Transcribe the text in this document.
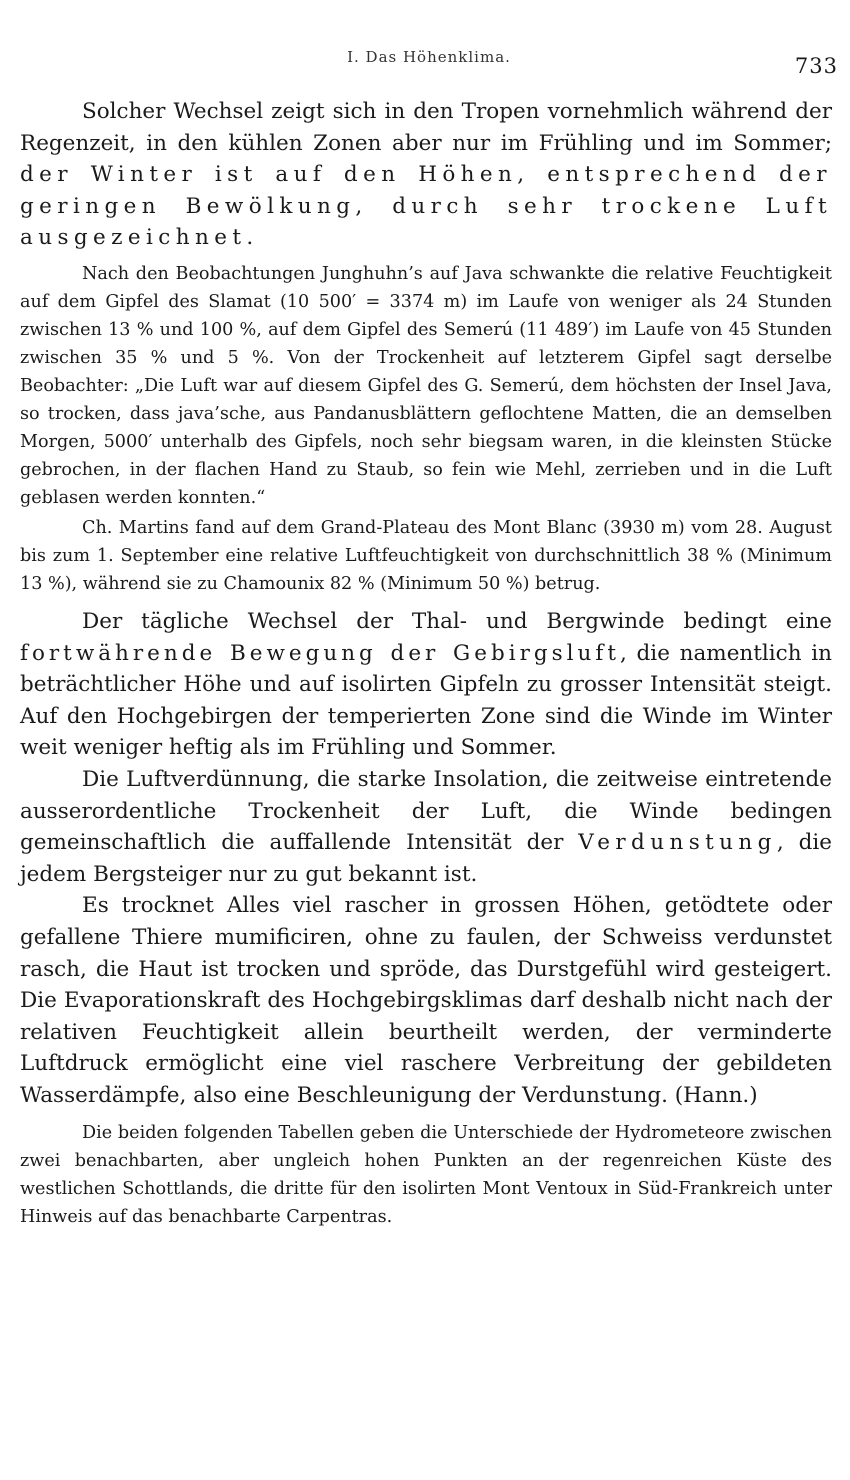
I. Das Höhenklima.	733

Solcher Wechsel zeigt sich in den Tropen vornehmlich während der Regenzeit, in den kühlen Zonen aber nur im Frühling und im Sommer; der Winter ist auf den Höhen, entsprechend der geringen Bewölkung, durch sehr trockene Luft ausgezeichnet.

Nach den Beobachtungen Junghuhn’s auf Java schwankte die relative Feuchtigkeit auf dem Gipfel des Slamat (10 500′ = 3374 m) im Laufe von weniger als 24 Stunden zwischen 13 % und 100 %, auf dem Gipfel des Semerú (11 489′) im Laufe von 45 Stunden zwischen 35 % und 5 %. Von der Trockenheit auf letzterem Gipfel sagt derselbe Beobachter: „Die Luft war auf diesem Gipfel des G. Semerú, dem höchsten der Insel Java, so trocken, dass java’sche, aus Pandanusblättern geflochtene Matten, die an demselben Morgen, 5000′ unterhalb des Gipfels, noch sehr biegsam waren, in die kleinsten Stücke gebrochen, in der flachen Hand zu Staub, so fein wie Mehl, zerrieben und in die Luft geblasen werden konnten.“

Ch. Martins fand auf dem Grand-Plateau des Mont Blanc (3930 m) vom 28. August bis zum 1. September eine relative Luftfeuchtigkeit von durchschnittlich 38 % (Minimum 13 %), während sie zu Chamounix 82 % (Minimum 50 %) betrug.

Der tägliche Wechsel der Thal- und Bergwinde bedingt eine fortwährende Bewegung der Gebirgsluft, die namentlich in beträchtlicher Höhe und auf isolirten Gipfeln zu grosser Intensität steigt. Auf den Hochgebirgen der temperierten Zone sind die Winde im Winter weit weniger heftig als im Frühling und Sommer.

Die Luftverdünnung, die starke Insolation, die zeitweise eintretende ausserordentliche Trockenheit der Luft, die Winde bedingen gemeinschaftlich die auffallende Intensität der Verdunstung, die jedem Bergsteiger nur zu gut bekannt ist.

Es trocknet Alles viel rascher in grossen Höhen, getödtete oder gefallene Thiere mumificiren, ohne zu faulen, der Schweiss verdunstet rasch, die Haut ist trocken und spröde, das Durstgefühl wird gesteigert. Die Evaporationskraft des Hochgebirgsklimas darf deshalb nicht nach der relativen Feuchtigkeit allein beurtheilt werden, der verminderte Luftdruck ermöglicht eine viel raschere Verbreitung der gebildeten Wasserdämpfe, also eine Beschleunigung der Verdunstung. (Hann.)

Die beiden folgenden Tabellen geben die Unterschiede der Hydrometeore zwischen zwei benachbarten, aber ungleich hohen Punkten an der regenreichen Küste des westlichen Schottlands, die dritte für den isolirten Mont Ventoux in Süd-Frankreich unter Hinweis auf das benachbarte Carpentras.
